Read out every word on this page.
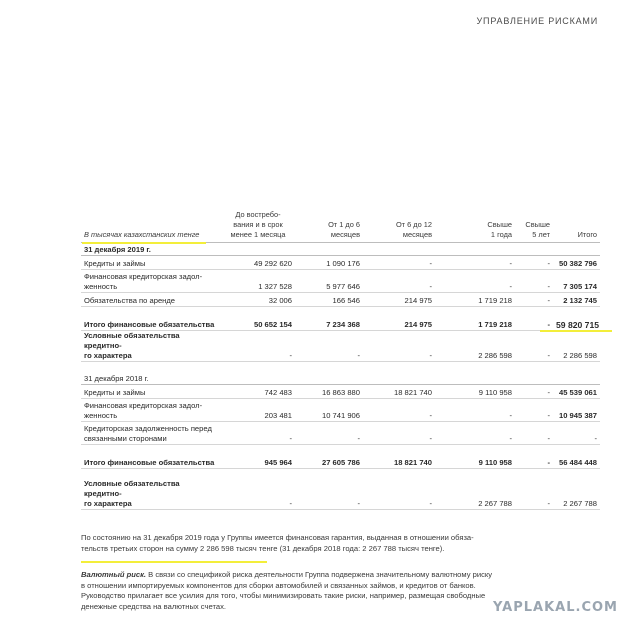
УПРАВЛЕНИЕ РИСКАМИ
В тысячах казахстанских тенге	До востребо-
вания и в срок
менее 1 месяца	От 1 до 6
месяцев	От 6 до 12
месяцев	Свыше
1 года	Свыше
5 лет	Итого
31 декабря 2019 г.						
Кредиты и займы	49 292 620	1 090 176	-	-	-	50 382 796
Финансовая кредиторская задол-
женность	1 327 528	5 977 646	-	-	-	7 305 174
Обязательства по аренде	32 006	166 546	214 975	1 719 218	-	2 132 745

Итого финансовые обязательства	50 652 154	7 234 368	214 975	1 719 218	-	59 820 715
Условные обязательства кредитно-
го характера	-	-	-	2 286 598	-	2 286 598

31 декабря 2018 г.						
Кредиты и займы	742 483	16 863 880	18 821 740	9 110 958	-	45 539 061
Финансовая кредиторская задол-
женность	203 481	10 741 906	-	-	-	10 945 387
Кредиторская задолженность перед
связанными сторонами	-	-	-	-	-	-

Итого финансовые обязательства	945 964	27 605 786	18 821 740	9 110 958	-	56 484 448

Условные обязательства кредитно-
го характера	-	-	-	2 267 788	-	2 267 788
По состоянию на 31 декабря 2019 года у Группы имеется финансовая гарантия, выданная в отношении обяза-
тельств третьих сторон на сумму 2 286 598 тысяч тенге (31 декабря 2018 года: 2 267 788 тысяч тенге).
Валютный риск. В связи со спецификой риска деятельности Группа подвержена значительному валютному риску
в отношении импортируемых компонентов для сборки автомобилей и связанных займов, и кредитов от банков.
Руководство прилагает все усилия для того, чтобы минимизировать такие риски, например, размещая свободные
денежные средства на валютных счетах.	YAPLAKAL.COM
